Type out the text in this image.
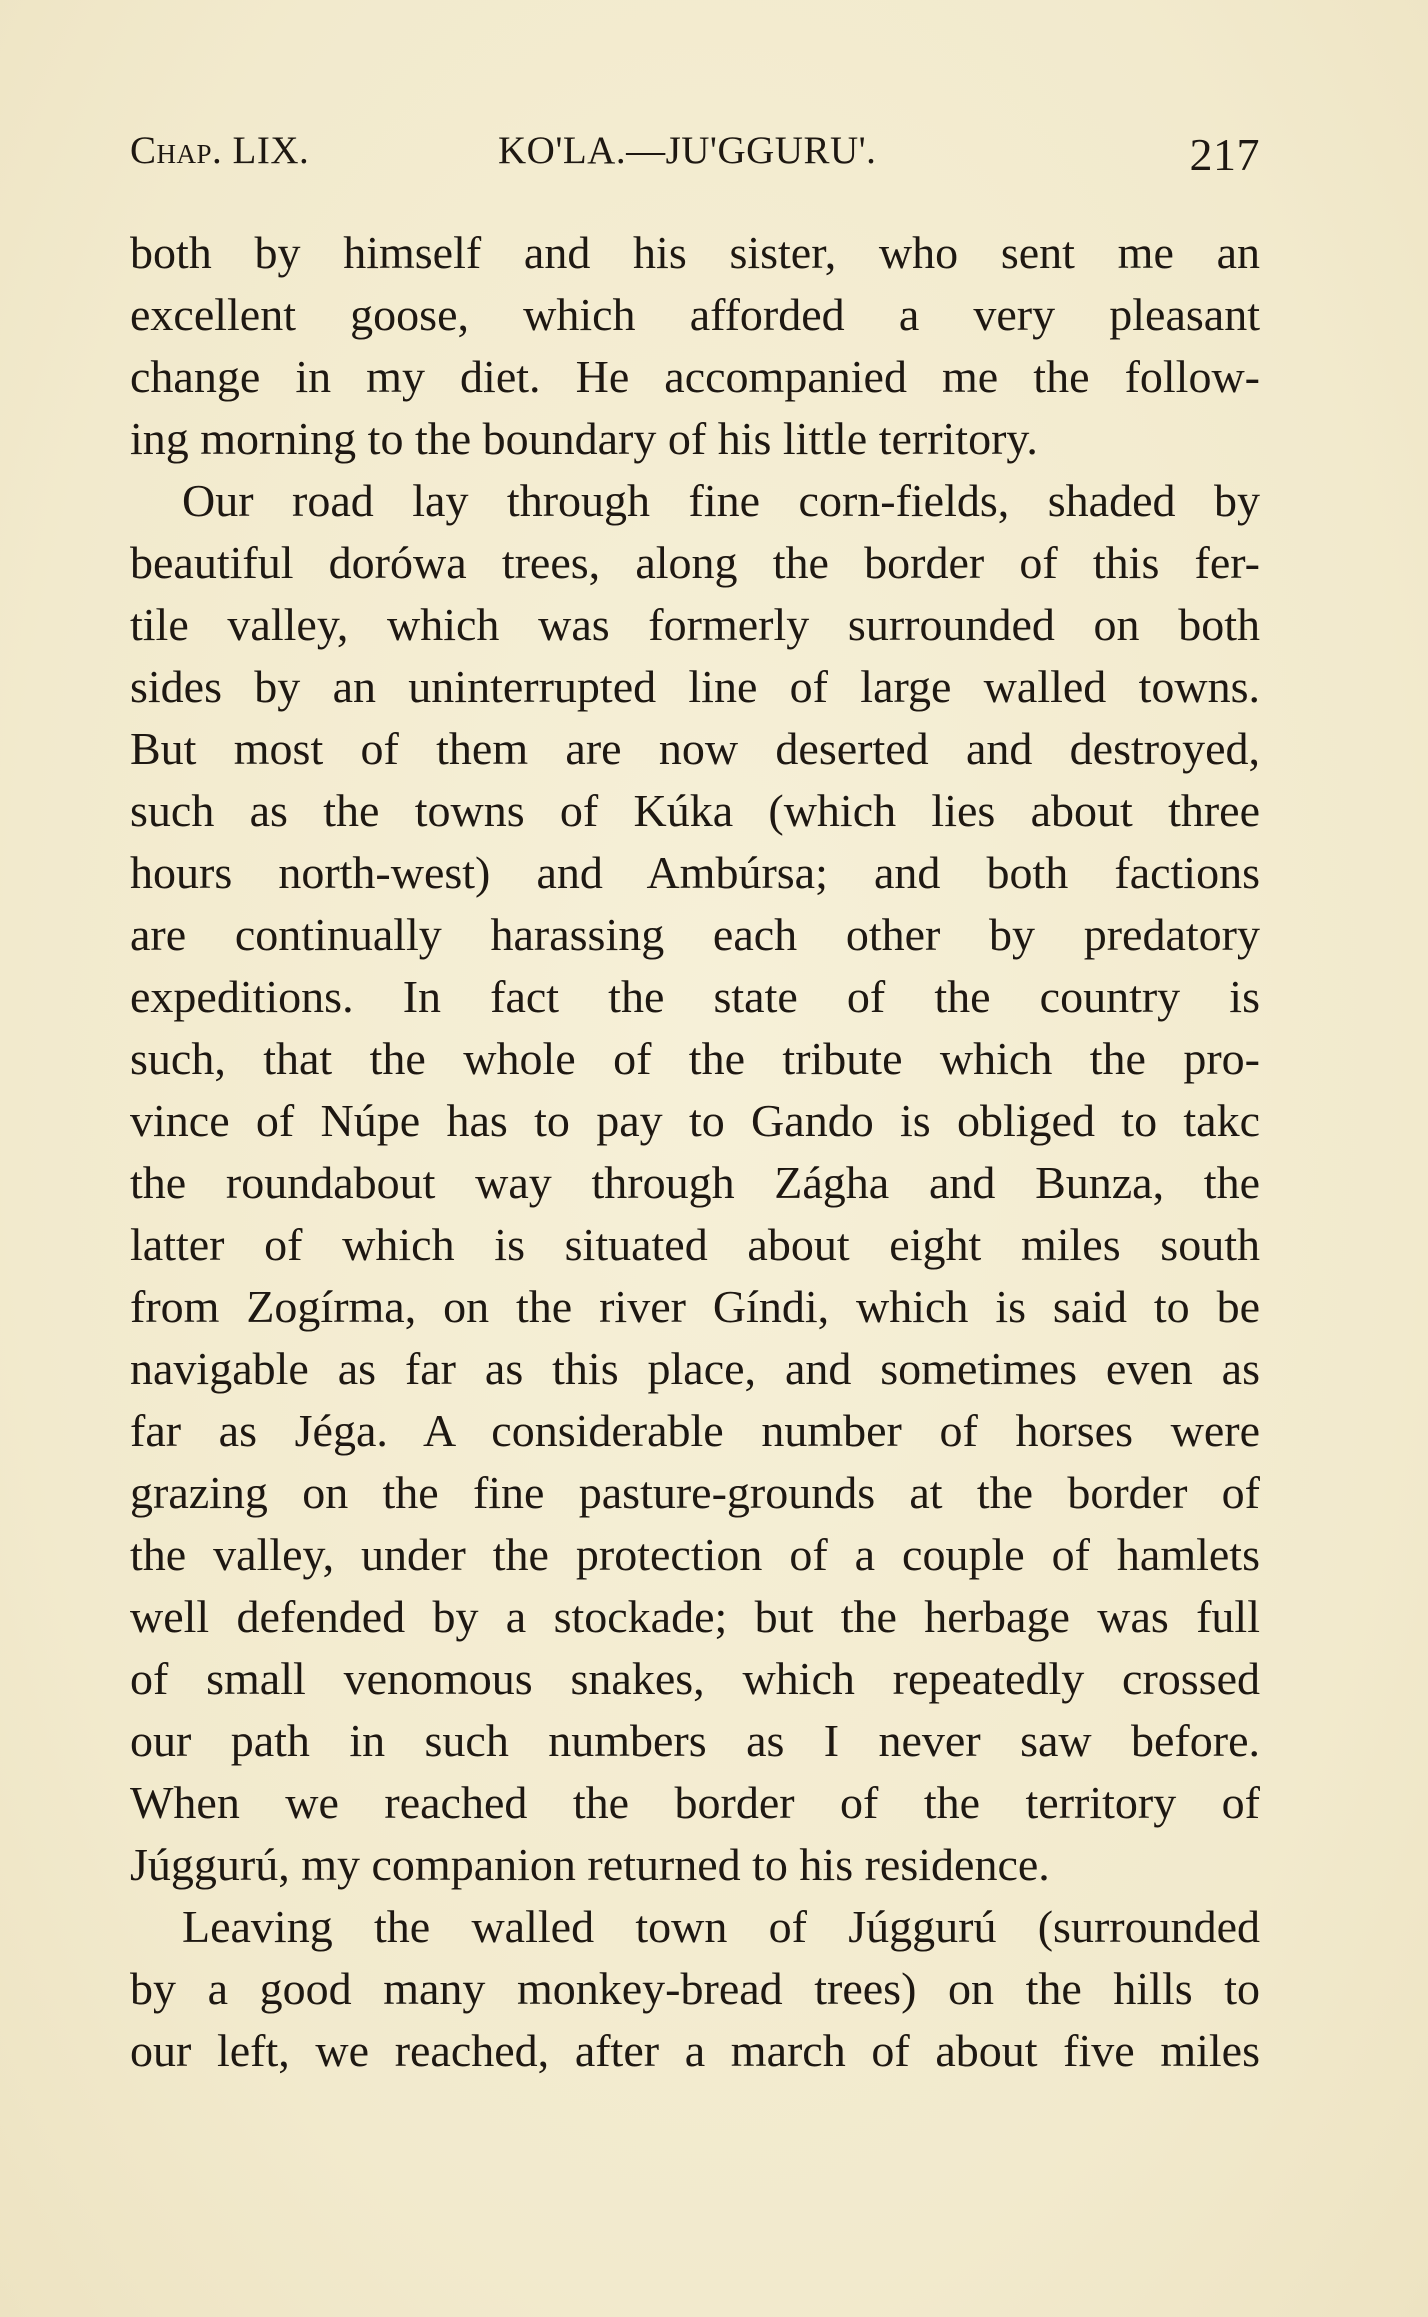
Chap. LIX.	KO'LA.—JU'GGURU'.	217
both by himself and his sister, who sent me an
excellent goose, which afforded a very pleasant
change in my diet. He accompanied me the follow-
ing morning to the boundary of his little territory.
Our road lay through fine corn-fields, shaded by
beautiful dorówa trees, along the border of this fer-
tile valley, which was formerly surrounded on both
sides by an uninterrupted line of large walled towns.
But most of them are now deserted and destroyed,
such as the towns of Kúka (which lies about three
hours north-west) and Ambúrsa; and both factions
are continually harassing each other by predatory
expeditions. In fact the state of the country is
such, that the whole of the tribute which the pro-
vince of Núpe has to pay to Gando is obliged to takc
the roundabout way through Zágha and Bunza, the
latter of which is situated about eight miles south
from Zogírma, on the river Gíndi, which is said to be
navigable as far as this place, and sometimes even as
far as Jéga. A considerable number of horses were
grazing on the fine pasture-grounds at the border of
the valley, under the protection of a couple of hamlets
well defended by a stockade; but the herbage was full
of small venomous snakes, which repeatedly crossed
our path in such numbers as I never saw before.
When we reached the border of the territory of
Júggurú, my companion returned to his residence.
Leaving the walled town of Júggurú (surrounded
by a good many monkey-bread trees) on the hills to
our left, we reached, after a march of about five miles
